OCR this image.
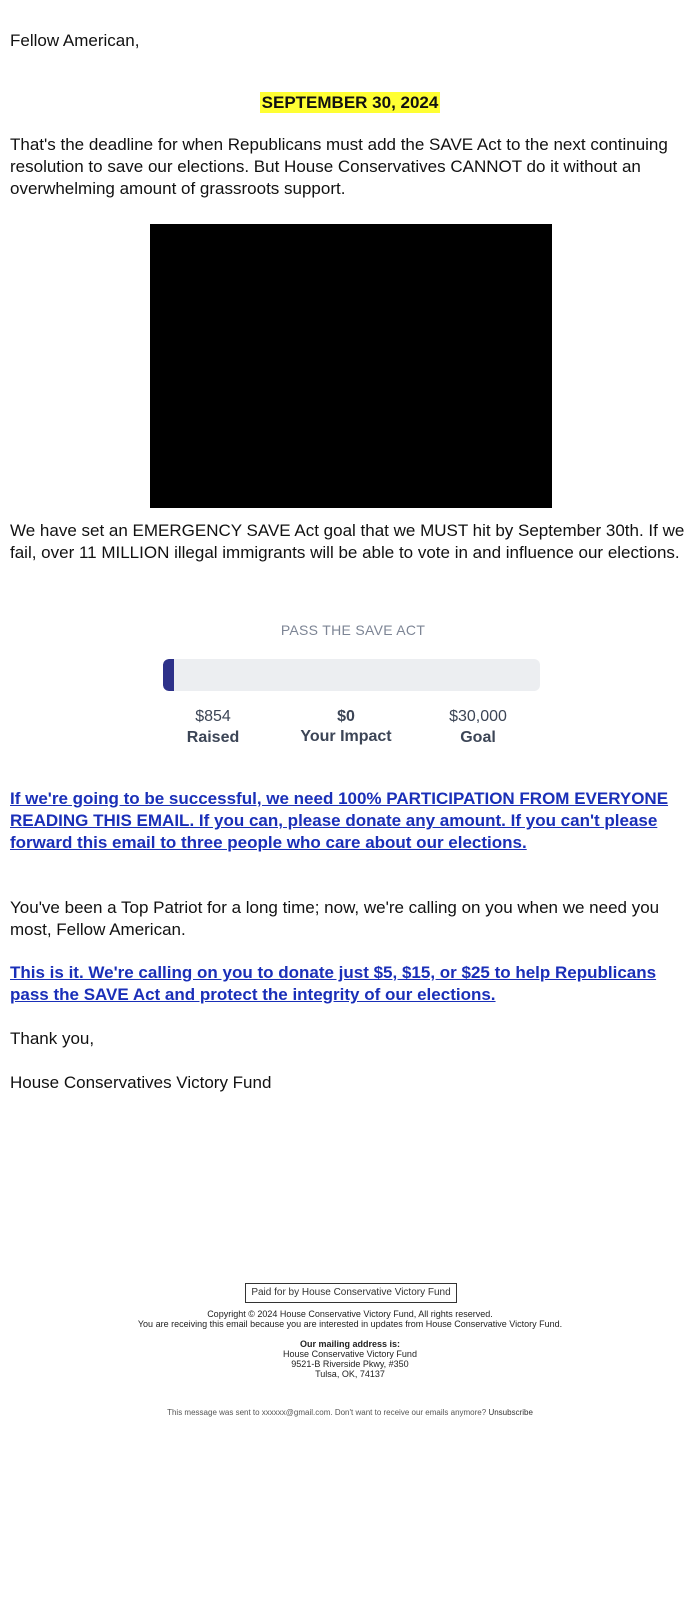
Fellow American,

SEPTEMBER 30, 2024

That's the deadline for when Republicans must add the SAVE Act to the next continuing resolution to save our elections. But House Conservatives CANNOT do it without an overwhelming amount of grassroots support.

We have set an EMERGENCY SAVE Act goal that we MUST hit by September 30th. If we fail, over 11 MILLION illegal immigrants will be able to vote in and influence our elections.

PASS THE SAVE ACT
$854
Raised
$0
Your Impact
$30,000
Goal

If we're going to be successful, we need 100% PARTICIPATION FROM EVERYONE READING THIS EMAIL. If you can, please donate any amount. If you can't please forward this email to three people who care about our elections.

You've been a Top Patriot for a long time; now, we're calling on you when we need you most, Fellow American.

This is it. We're calling on you to donate just $5, $15, or $25 to help Republicans pass the SAVE Act and protect the integrity of our elections.

Thank you,

House Conservatives Victory Fund

Paid for by House Conservative Victory Fund
Copyright © 2024 House Conservative Victory Fund, All rights reserved.
You are receiving this email because you are interested in updates from House Conservative Victory Fund.
Our mailing address is:
House Conservative Victory Fund
9521-B Riverside Pkwy, #350
Tulsa, OK, 74137
This message was sent to xxxxxx@gmail.com. Don't want to receive our emails anymore? Unsubscribe
